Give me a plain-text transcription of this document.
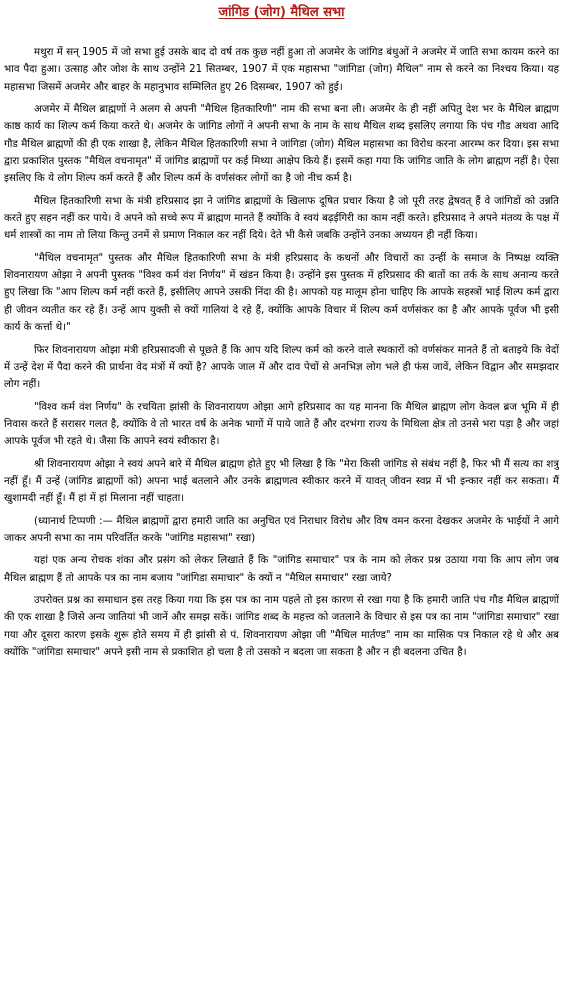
जांगिड (जोग) मैथिल सभा

मथुरा में सन् 1905 में जो सभा हुई उसके बाद दो वर्ष तक कुछ नहीं हुआ तो अजमेर के जांगिड बंधुओं ने अजमेर में जाति सभा कायम करने का भाव पैदा हुआ। उत्साह और जोश के साथ उन्होंने 21 सितम्बर, 1907 में एक महासभा "जांगिडा (जोग) मैथिल" नाम से करने का निश्चय किया। यह महासभा जिसमें अजमेर और बाहर के महानुभाव सम्मिलित हुए 26 दिसम्बर, 1907 को हुई।

अजमेर में मैथिल ब्राह्मणों ने अलग से अपनी "मैथिल हितकारिणी" नाम की सभा बना ली। अजमेर के ही नहीं अपितु देश भर के मैथिल ब्राह्मण काष्ठ कार्य का शिल्प कर्म किया करते थे। अजमेर के जांगिड लोगों ने अपनी सभा के नाम के साथ मैथिल शब्द इसलिए लगाया कि पंच गौड अथवा आदि गौड मैथिल ब्राह्मणों की ही एक शाखा है, लेकिन मैथिल हितकारिणी सभा ने जांगिडा (जोग) मैथिल महासभा का विरोध करना आरम्भ कर दिया। इस सभा द्वारा प्रकाशित पुस्तक "मैथिल वचनामृत" में जांगिड ब्राह्मणों पर कई मिथ्या आक्षेप किये हैं। इसमें कहा गया कि जांगिड जाति के लोग ब्राह्मण नहीं है। ऐसा इसलिए कि ये लोग शिल्प कर्म करते हैं और शिल्प कर्म के वर्णसंकर लोगों का है जो नीच कर्म है।

मैथिल हितकारिणी सभा के मंत्री हरिप्रसाद झा ने जांगिड ब्राह्मणों के खिलाफ दूषित प्रचार किया है जो पूरी तरह द्वेषवत् हैं वे जांगिडों को उन्नति करते हुए सहन नहीं कर पाये। वे अपने को सच्चे रूप में ब्राह्मण मानते हैं क्योंकि वे स्वयं बढ़ईगिरी का काम नहीं करते। हरिप्रसाद ने अपने मंतव्य के पक्ष में धर्म शास्त्रों का नाम तो लिया किन्तु उनमें से प्रमाण निकाल कर नहीं दिये। देते भी कैसे जबकि उन्होंने उनका अध्ययन ही नहीं किया।

"मैथिल वचनामृत" पुस्तक और मैथिल हितकारिणी सभा के मंत्री हरिप्रसाद के कथनों और विचारों का उन्हीं के समाज के निष्पक्ष व्यक्ति शिवनारायण ओझा ने अपनी पुस्तक "विश्व कर्म वंश निर्णय" में खंडन किया है। उन्होंने इस पुस्तक में हरिप्रसाद की बातों का तर्क के साथ अनान्य करते हुए लिखा कि "आप शिल्प कर्म नहीं करते हैं, इसीलिए आपने उसकी निंदा की है। आपको यह मालूम होना चाहिए कि आपके सहस्त्रों भाई शिल्प कर्म द्वारा ही जीवन व्यतीत कर रहे हैं। उन्हें आप युक्ती से क्यों गालियां दे रहे हैं, क्योंकि आपके विचार में शिल्प कर्म वर्णसंकर का है और आपके पूर्वज भी इसी कार्य के कर्त्ता थे।"

फिर शिवनारायण ओझा मंत्री हरिप्रसादजी से पूछते हैं कि आप यदि शिल्प कर्म को करने वाले स्थकारों को वर्णसंकर मानते हैं तो बताइये कि वेदों में उन्हें देश में पैदा करने की प्रार्थना वेद मंत्रों में क्यों है? आपके जाल में और दाव पेचों से अनभिज्ञ लोग भले ही फंस जावें, लेकिन विद्वान और समझदार लोग नहीं।

"विश्व कर्म वंश निर्णय" के रचयिता झांसी के शिवनारायण ओझा आगे हरिप्रसाद का यह मानना कि मैथिल ब्राह्मण लोग केवल ब्रज भूमि में ही निवास करते हैं सरासर गलत है, क्योंकि वे तो भारत वर्ष के अनेक भागों में पाये जाते हैं और दरभंगा राज्य के मिथिला क्षेत्र तो उनसे भरा पड़ा है और जहां आपके पूर्वज भी रहते थे। जैसा कि आपने स्वयं स्वीकारा है।

श्री शिवनारायण ओझा ने स्वयं अपने बारे में मैथिल ब्राह्मण होते हुए भी लिखा है कि "मेरा किसी जांगिड से संबंध नहीं है, फिर भी मैं सत्य का शत्रु नहीं हूँ। मैं उन्हें (जांगिड ब्राह्मणों को) अपना भाई बतलाने और उनके ब्राह्मणत्व स्वीकार करने में यावत् जीवन स्वप्न में भी इन्कार नहीं कर सकता। मैं खुशामदी नहीं हूँ। मैं हां में हां मिलाना नहीं चाहता।

(ध्यानार्थ टिप्पणी :— मैथिल ब्राह्मणों द्वारा हमारी जाति का अनुचित एवं निराधार विरोध और विष वमन करना देखकर अजमेर के भाईयों ने आगे जाकर अपनी सभा का नाम परिवर्तित करके "जांगिड महासभा" रखा)

यहां एक अन्य रोचक शंका और प्रसंग को लेकर लिखाते हैं कि "जांगिड समाचार" पत्र के नाम को लेकर प्रश्न उठाया गया कि आप लोग जब मैथिल ब्राह्मण हैं तो आपके पत्र का नाम बजाय "जांगिडा समाचार" के क्यों न "मैथिल समाचार" रखा जाये?

उपरोक्त प्रश्न का समाधान इस तरह किया गया कि इस पत्र का नाम पहले तो इस कारण से रखा गया है कि हमारी जाति पंच गौड मैथिल ब्राह्मणों की एक शाखा है जिसे अन्य जातियां भी जानें और समझ सकें। जांगिड शब्द के महत्त्व को जतलाने के विचार से इस पत्र का नाम "जांगिडा समाचार" रखा गया और दूसरा कारण इसके शुरू होते समय में ही झांसी से पं. शिवनारायण ओझा जी "मैथिल मार्तण्ड" नाम का मासिक पत्र निकाल रहे थे और अब क्योंकि "जांगिडा समाचार" अपने इसी नाम से प्रकाशित हो चला है तो उसको न बदला जा सकता है और न ही बदलना उचित है।
